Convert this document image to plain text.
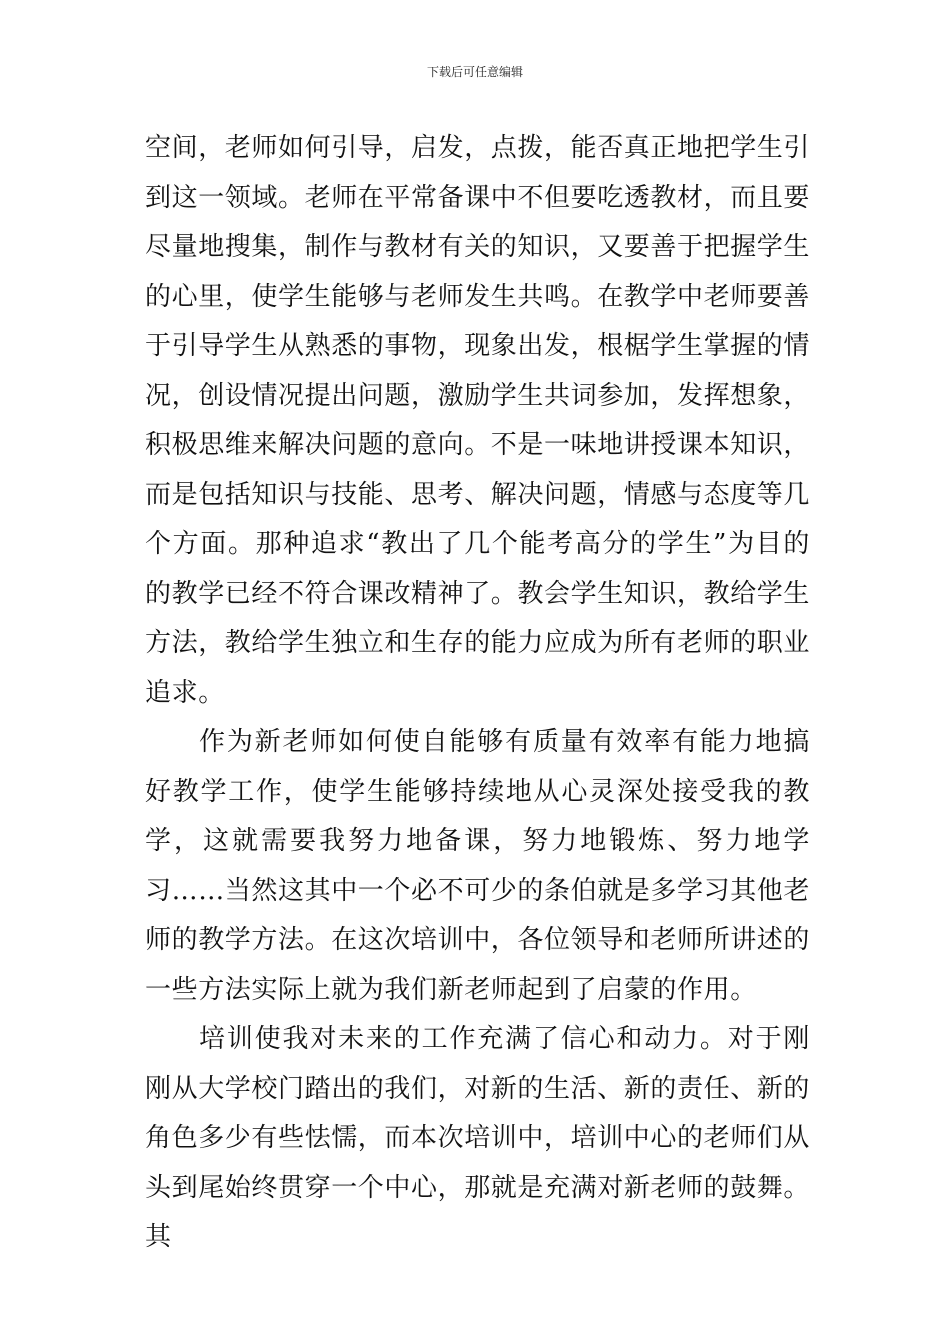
下载后可任意编辑

空间，老师如何引导，启发，点拨，能否真正地把学生引到这一领域。老师在平常备课中不但要吃透教材，而且要尽量地搜集，制作与教材有关的知识，又要善于把握学生的心里，使学生能够与老师发生共鸣。在教学中老师要善于引导学生从熟悉的事物，现象出发，根椐学生掌握的情况，创设情况提出问题，激励学生共词参加，发挥想象，积极思维来解决问题的意向。不是一味地讲授课本知识，而是包括知识与技能、思考、解决问题，情感与态度等几个方面。那种追求“教出了几个能考高分的学生”为目的的教学已经不符合课改精神了。教会学生知识，教给学生方法，教给学生独立和生存的能力应成为所有老师的职业追求。

作为新老师如何使自能够有质量有效率有能力地搞好教学工作，使学生能够持续地从心灵深处接受我的教学，这就需要我努力地备课，努力地锻炼、努力地学习……当然这其中一个必不可少的条伯就是多学习其他老师的教学方法。在这次培训中，各位领导和老师所讲述的一些方法实际上就为我们新老师起到了启蒙的作用。

培训使我对未来的工作充满了信心和动力。对于刚刚从大学校门踏出的我们，对新的生活、新的责任、新的角色多少有些怯懦，而本次培训中，培训中心的老师们从头到尾始终贯穿一个中心，那就是充满对新老师的鼓舞。其
